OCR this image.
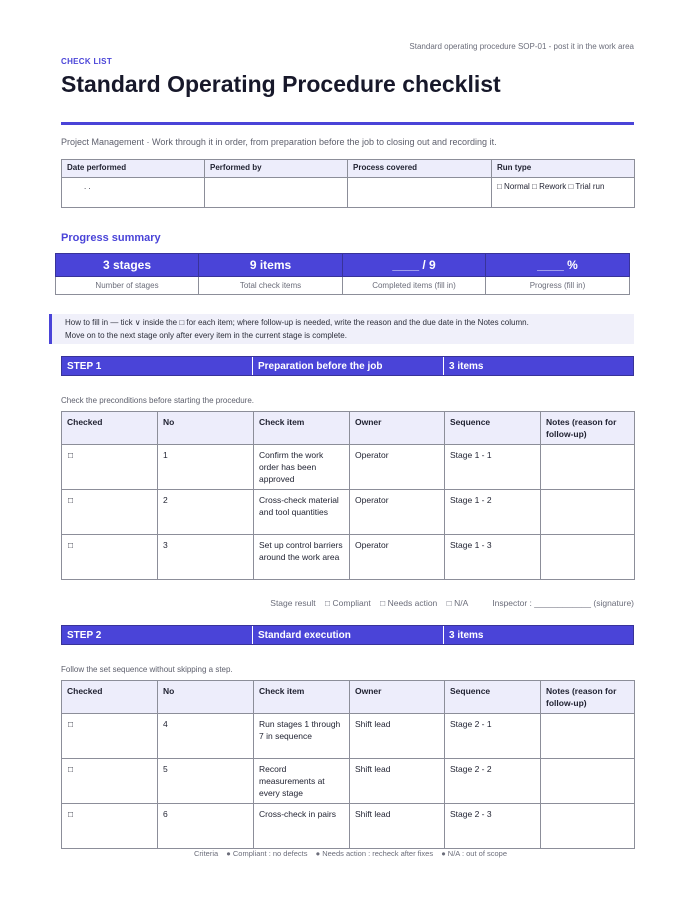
Standard operating procedure SOP-01 - post it in the work area
CHECK LIST
Standard Operating Procedure checklist
Project Management · Work through it in order, from preparation before the job to closing out and recording it.
Date performed	Performed by	Process covered	Run type
. .			□ Normal □ Rework □ Trial run
Progress summary
3 stages	9 items	____ / 9	____ %
Number of stages	Total check items	Completed items (fill in)	Progress (fill in)
How to fill in — tick ∨ inside the □ for each item; where follow-up is needed, write the reason and the due date in the Notes column.
Move on to the next stage only after every item in the current stage is complete.
STEP 1	Preparation before the job	3 items
Check the preconditions before starting the procedure.
Checked	No	Check item	Owner	Sequence	Notes (reason for follow-up)
□	1	Confirm the work order has been approved	Operator	Stage 1 - 1	
□	2	Cross-check material and tool quantities	Operator	Stage 1 - 2	
□	3	Set up control barriers around the work area	Operator	Stage 1 - 3	
Stage result □ Compliant □ Needs action □ N/A	Inspector : ____________ (signature)
STEP 2	Standard execution	3 items
Follow the set sequence without skipping a step.
Checked	No	Check item	Owner	Sequence	Notes (reason for follow-up)
□	4	Run stages 1 through 7 in sequence	Shift lead	Stage 2 - 1	
□	5	Record measurements at every stage	Shift lead	Stage 2 - 2	
□	6	Cross-check in pairs	Shift lead	Stage 2 - 3	
Criteria ● Compliant : no defects ● Needs action : recheck after fixes ● N/A : out of scope
